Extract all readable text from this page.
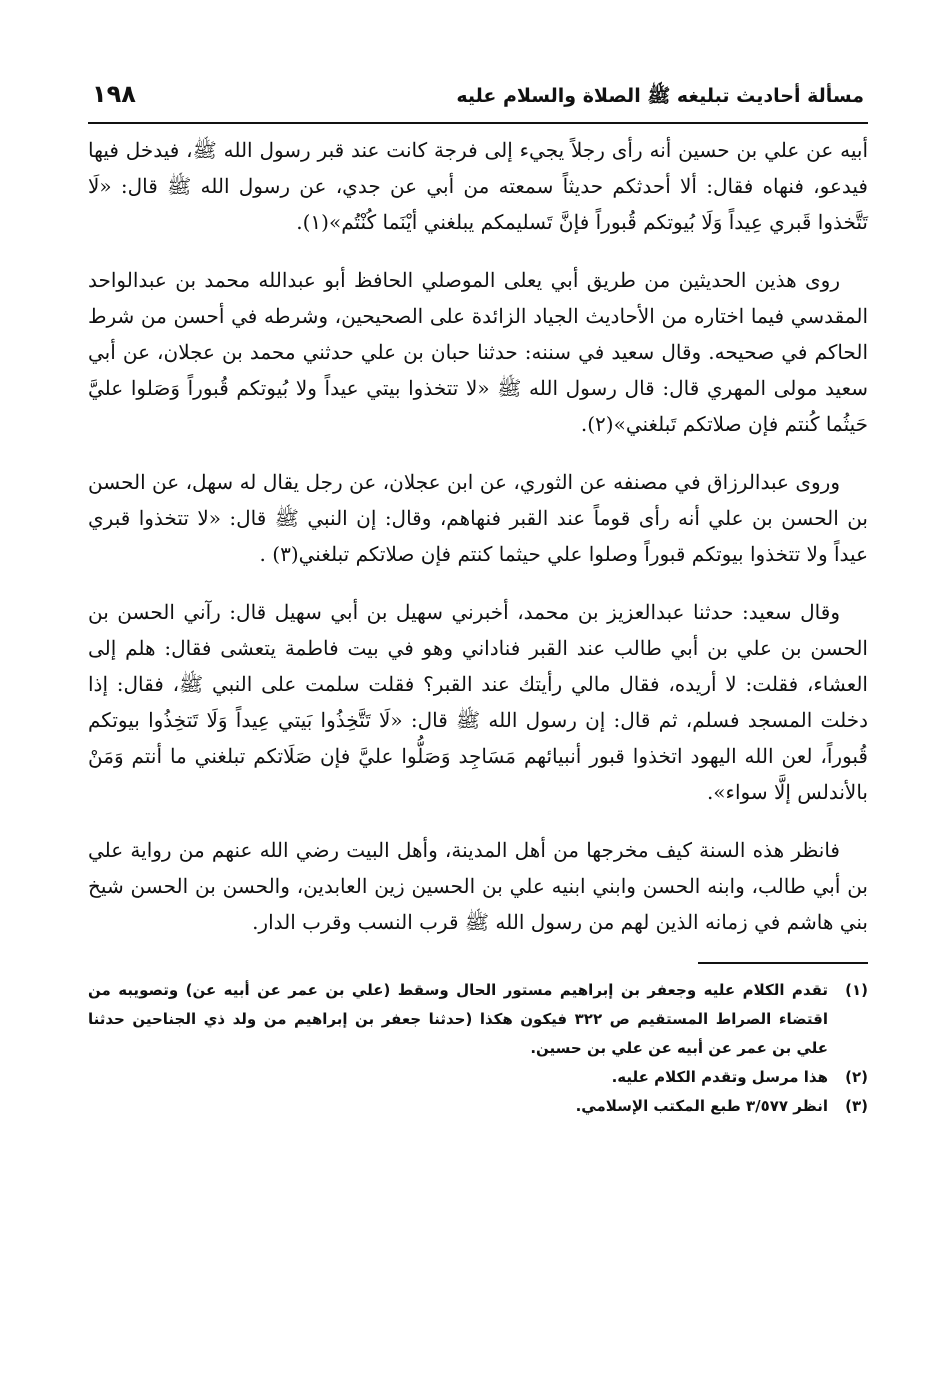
مسألة أحاديث تبليغه ﷺ الصلاة والسلام عليه
١٩٨

أبيه عن علي بن حسين أنه رأى رجلاً يجيء إلى فرجة كانت عند قبر رسول الله ﷺ، فيدخل فيها فيدعو، فنهاه فقال: ألا أحدثكم حديثاً سمعته من أبي عن جدي، عن رسول الله ﷺ قال: «لَا تَتَّخذوا قَبري عِيداً وَلَا بُيوتكم قُبوراً فإنَّ تَسليمكم يبلغني أيْنَما كُنْتُم»(١).

روى هذين الحديثين من طريق أبي يعلى الموصلي الحافظ أبو عبدالله محمد بن عبدالواحد المقدسي فيما اختاره من الأحاديث الجياد الزائدة على الصحيحين، وشرطه في أحسن من شرط الحاكم في صحيحه. وقال سعيد في سننه: حدثنا حبان بن علي حدثني محمد بن عجلان، عن أبي سعيد مولى المهري قال: قال رسول الله ﷺ «لا تتخذوا بيتي عيداً ولا بُيوتكم قُبوراً وَصَلوا عليَّ حَيثُما كُنتم فإن صلاتكم تَبلغني»(٢).

وروى عبدالرزاق في مصنفه عن الثوري، عن ابن عجلان، عن رجل يقال له سهل، عن الحسن بن الحسن بن علي أنه رأى قوماً عند القبر فنهاهم، وقال: إن النبي ﷺ قال: «لا تتخذوا قبري عيداً ولا تتخذوا بيوتكم قبوراً وصلوا علي حيثما كنتم فإن صلاتكم تبلغني(٣) .

وقال سعيد: حدثنا عبدالعزيز بن محمد، أخبرني سهيل بن أبي سهيل قال: رآني الحسن بن الحسن بن علي بن أبي طالب عند القبر فناداني وهو في بيت فاطمة يتعشى فقال: هلم إلى العشاء، فقلت: لا أريده، فقال مالي رأيتك عند القبر؟ فقلت سلمت على النبي ﷺ، فقال: إذا دخلت المسجد فسلم، ثم قال: إن رسول الله ﷺ قال: «لَا تَتَّخِذُوا بَيتي عِيداً وَلَا تَتخِذُوا بيوتكم قُبوراً، لعن الله اليهود اتخذوا قبور أنبيائهم مَسَاجِد وَصَلُّوا عليَّ فإن صَلَاتكم تبلغني ما أنتم وَمَنْ بالأندلس إلَّا سواء».

فانظر هذه السنة كيف مخرجها من أهل المدينة، وأهل البيت رضي الله عنهم من رواية علي بن أبي طالب، وابنه الحسن وابني ابنيه علي بن الحسين زين العابدين، والحسن بن الحسن شيخ بني هاشم في زمانه الذين لهم من رسول الله ﷺ قرب النسب وقرب الدار.

(١)
تقدم الكلام عليه وجعفر بن إبراهيم مستور الحال وسقط (علي بن عمر عن أبيه عن) وتصويبه من اقتضاء الصراط المستقيم ص ٣٢٢ فيكون هكذا (حدثنا جعفر بن إبراهيم من ولد ذي الجناحين حدثنا علي بن عمر عن أبيه عن علي بن حسين.
(٢)
هذا مرسل وتقدم الكلام عليه.
(٣)
انظر ٣/٥٧٧ طبع المكتب الإسلامي.
